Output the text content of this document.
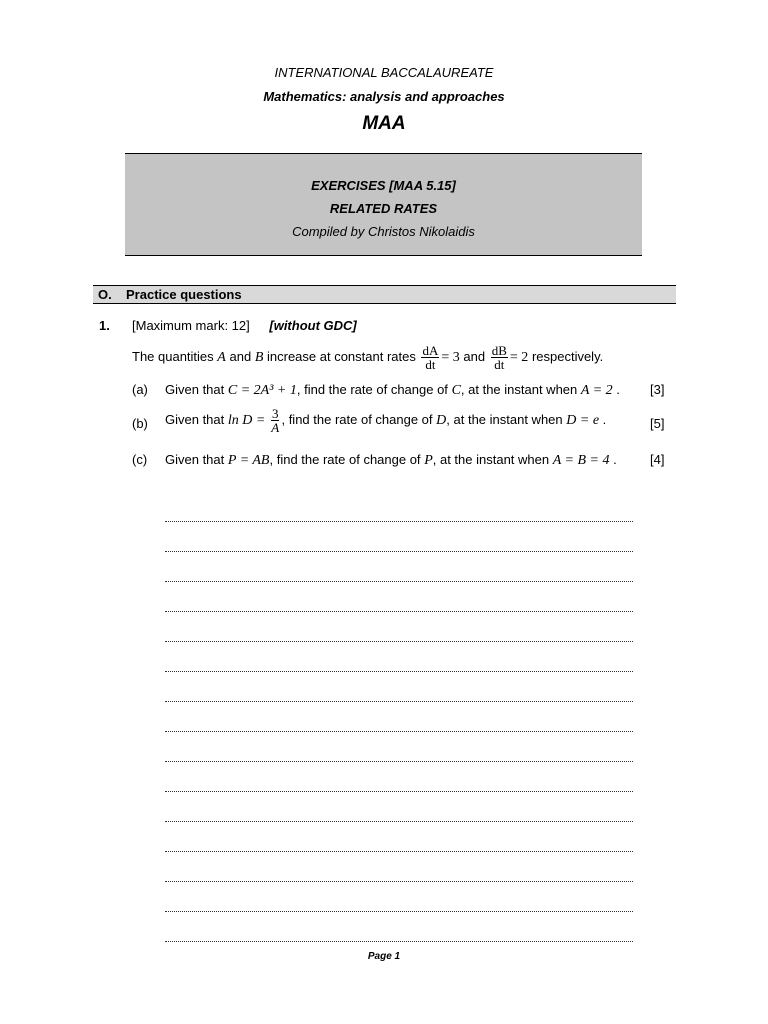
INTERNATIONAL BACCALAUREATE
Mathematics: analysis and approaches
MAA
EXERCISES [MAA 5.15]
RELATED RATES
Compiled by Christos Nikolaidis
O. Practice questions
1. [Maximum mark: 12] [without GDC]
The quantities A and B increase at constant rates $\frac{dA}{dt} = 3$ and $\frac{dB}{dt} = 2$ respectively.
(a) Given that C = 2A³ + 1, find the rate of change of C, at the instant when A = 2 . [3]
(b) Given that $\ln D = \frac{3}{A}$ , find the rate of change of D, at the instant when D = e .	[5]
(c) Given that P = AB, find the rate of change of P, at the instant when A = B = 4 .	[4]
Page 1
